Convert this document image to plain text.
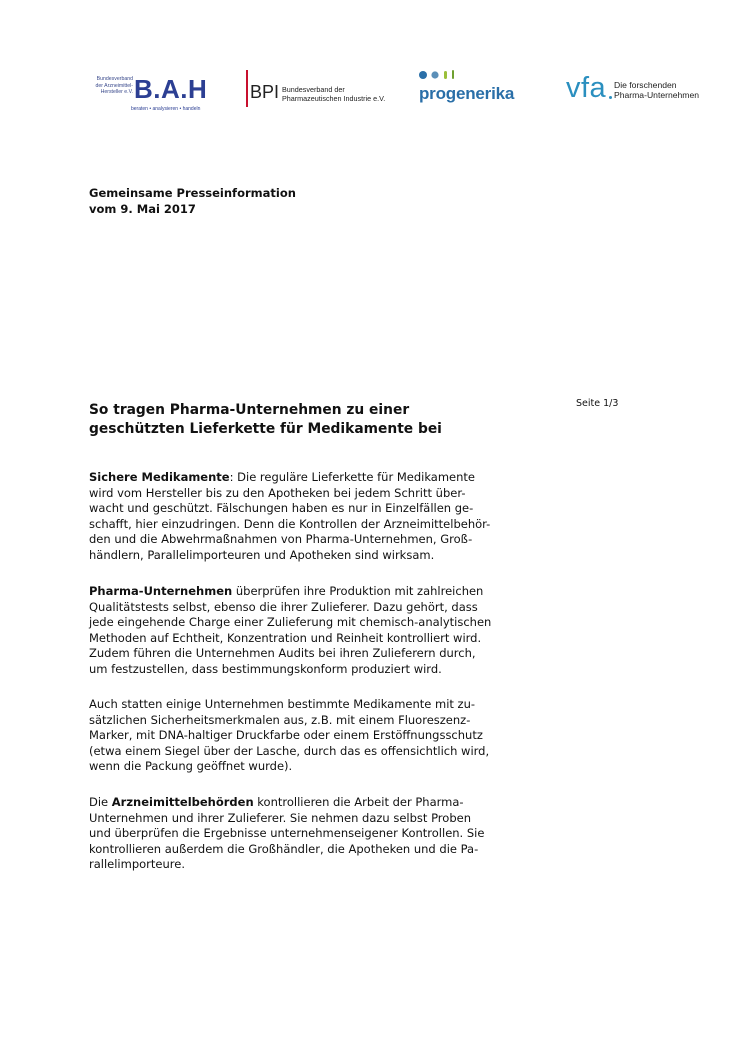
Bundesverband
der Arzneimittel-
Hersteller e.V. B.A.H
beraten • analysieren • handeln
BPI Bundesverband der
Pharmazeutischen Industrie e.V. progenerika vfa Die forschenden
Pharma-Unternehmen
Gemeinsame Presseinformation
vom 9. Mai 2017
Seite 1/3
So tragen Pharma-Unternehmen zu einer
geschützten Lieferkette für Medikamente bei
Sichere Medikamente: Die reguläre Lieferkette für Medikamente
wird vom Hersteller bis zu den Apotheken bei jedem Schritt über-
wacht und geschützt. Fälschungen haben es nur in Einzelfällen ge-
schafft, hier einzudringen. Denn die Kontrollen der Arzneimittelbehör-
den und die Abwehrmaßnahmen von Pharma-Unternehmen, Groß-
händlern, Parallelimporteuren und Apotheken sind wirksam.
Pharma-Unternehmen überprüfen ihre Produktion mit zahlreichen
Qualitätstests selbst, ebenso die ihrer Zulieferer. Dazu gehört, dass
jede eingehende Charge einer Zulieferung mit chemisch-analytischen
Methoden auf Echtheit, Konzentration und Reinheit kontrolliert wird.
Zudem führen die Unternehmen Audits bei ihren Zulieferern durch,
um festzustellen, dass bestimmungskonform produziert wird.
Auch statten einige Unternehmen bestimmte Medikamente mit zu-
sätzlichen Sicherheitsmerkmalen aus, z.B. mit einem Fluoreszenz-
Marker, mit DNA-haltiger Druckfarbe oder einem Erstöffnungsschutz
(etwa einem Siegel über der Lasche, durch das es offensichtlich wird,
wenn die Packung geöffnet wurde).
Die Arzneimittelbehörden kontrollieren die Arbeit der Pharma-
Unternehmen und ihrer Zulieferer. Sie nehmen dazu selbst Proben
und überprüfen die Ergebnisse unternehmenseigener Kontrollen. Sie
kontrollieren außerdem die Großhändler, die Apotheken und die Pa-
rallelimporteure.
